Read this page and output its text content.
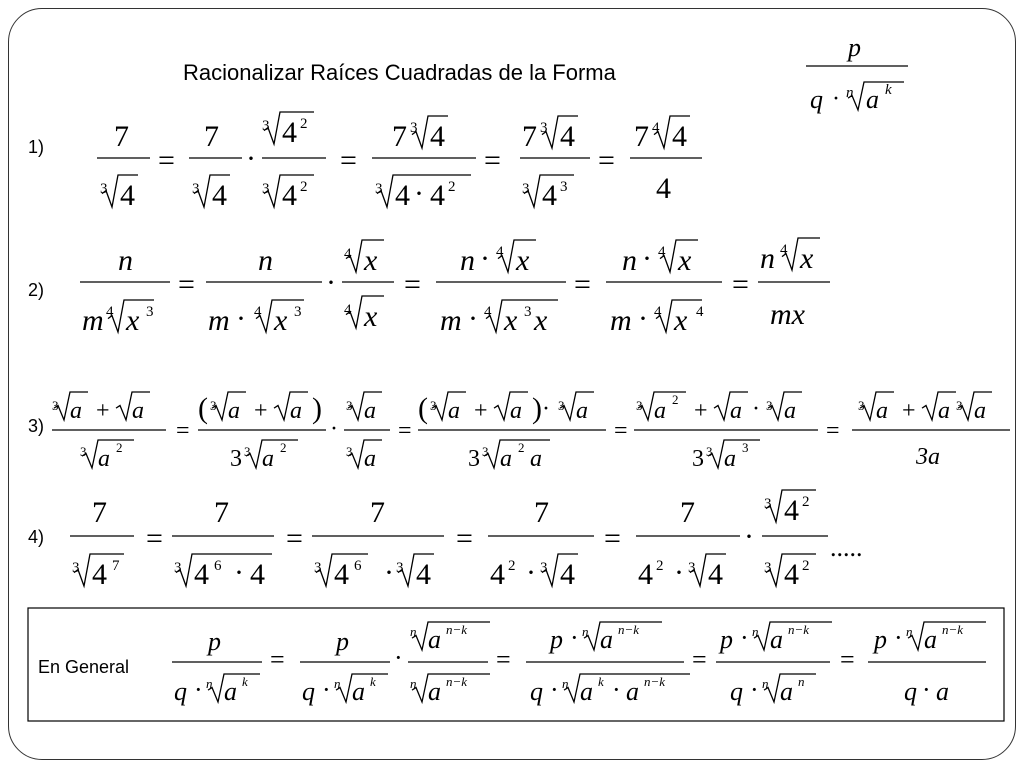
Racionalizar Raíces Cuadradas de la Forma
p
q · n a k
1)
2)
3)
4)
7
3 4
=
7
3 4
·
3 4 2
3 4 2
=
7 3 4
3 4 · 4 2
=
7 3 4
3 4 3
=
7 4 4
4
n
m 4 x 3
=
n
m · 4 x 3
·
4 x
4 x
=
n · 4 x
m · 4 x 3 x
=
n · 4 x
m · 4 x 4
=
n 4 x
mx
3 a + a
3 a 2
=
( 3 a + a )
3 3 a 2
·
3 a
3 a
=
( 3 a + a ) · 3 a
3 3 a 2 a
=
3 a 2 + a · 3 a
3 3 a 3
=
3 a + a 3 a
3a
7
3 4 7
=
7
3 4 6 · 4
=
7
3 4 6 · 3 4
=
7
4 2 · 3 4
=
7
4 2 · 3 4
·
3 4 2
3 4 2
.....
En General
p
q · n a k
=
p
q · n a k
·
n a n−k
n a n−k
=
p · n a n−k
q · n a k · a n−k
=
p · n a n−k
q · n a n
=
p · n a n−k
q · a
